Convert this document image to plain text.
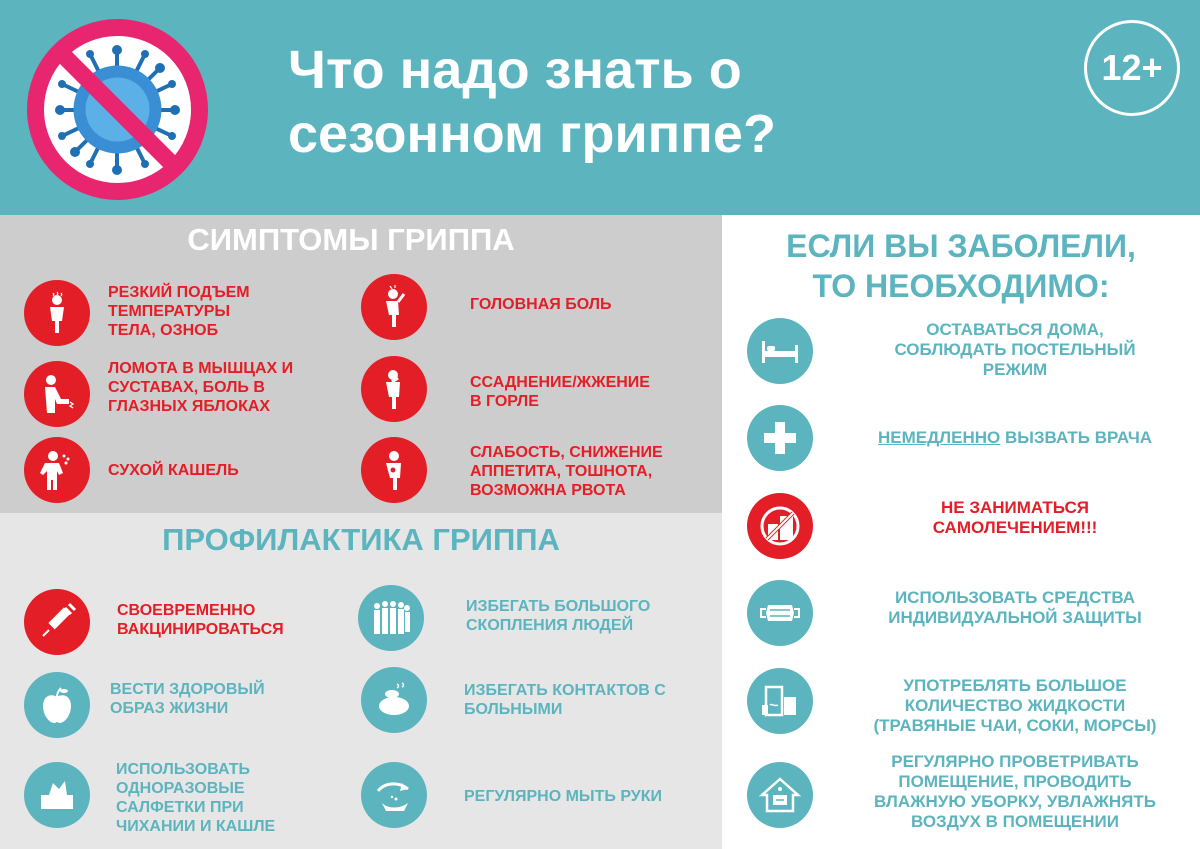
Что надо знать о
сезонном гриппе?
12+
СИМПТОМЫ ГРИППА
РЕЗКИЙ ПОДЪЕМ
ТЕМПЕРАТУРЫ
ТЕЛА, ОЗНОБ
ГОЛОВНАЯ БОЛЬ
ЛОМОТА В МЫШЦАХ И
СУСТАВАХ, БОЛЬ В
ГЛАЗНЫХ ЯБЛОКАХ
ССАДНЕНИЕ/ЖЖЕНИЕ
В ГОРЛЕ
СУХОЙ КАШЕЛЬ
СЛАБОСТЬ, СНИЖЕНИЕ
АППЕТИТА, ТОШНОТА,
ВОЗМОЖНА РВОТА
ПРОФИЛАКТИКА ГРИППА
СВОЕВРЕМЕННО
ВАКЦИНИРОВАТЬСЯ
ИЗБЕГАТЬ БОЛЬШОГО
СКОПЛЕНИЯ ЛЮДЕЙ
ВЕСТИ ЗДОРОВЫЙ
ОБРАЗ ЖИЗНИ
ИЗБЕГАТЬ КОНТАКТОВ С
БОЛЬНЫМИ
ИСПОЛЬЗОВАТЬ
ОДНОРАЗОВЫЕ
САЛФЕТКИ ПРИ
ЧИХАНИИ И КАШЛЕ
РЕГУЛЯРНО МЫТЬ РУКИ
ЕСЛИ ВЫ ЗАБОЛЕЛИ,
ТО НЕОБХОДИМО:
ОСТАВАТЬСЯ ДОМА,
СОБЛЮДАТЬ ПОСТЕЛЬНЫЙ
РЕЖИМ
НЕМЕДЛЕННО ВЫЗВАТЬ ВРАЧА
НЕ ЗАНИМАТЬСЯ
САМОЛЕЧЕНИЕМ!!!
ИСПОЛЬЗОВАТЬ СРЕДСТВА
ИНДИВИДУАЛЬНОЙ ЗАЩИТЫ
УПОТРЕБЛЯТЬ БОЛЬШОЕ
КОЛИЧЕСТВО ЖИДКОСТИ
(ТРАВЯНЫЕ ЧАИ, СОКИ, МОРСЫ)
РЕГУЛЯРНО ПРОВЕТРИВАТЬ
ПОМЕЩЕНИЕ, ПРОВОДИТЬ
ВЛАЖНУЮ УБОРКУ, УВЛАЖНЯТЬ
ВОЗДУХ В ПОМЕЩЕНИИ
